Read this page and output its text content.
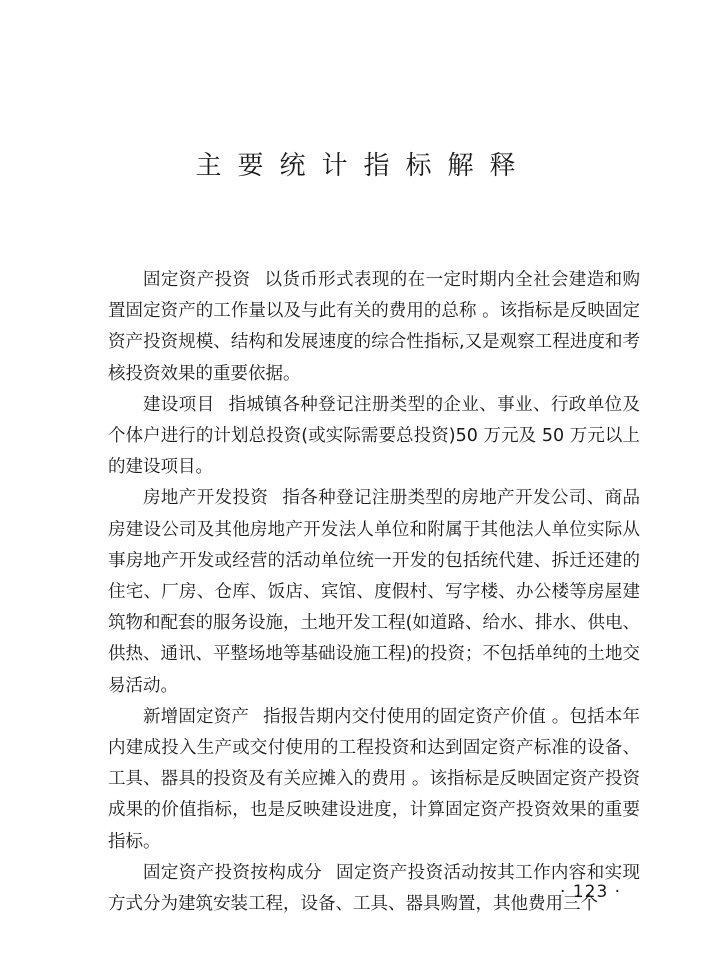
主要统计指标解释

固定资产投资 以货币形式表现的在一定时期内全社会建造和购置固定资产的工作量以及与此有关的费用的总称 。该指标是反映固定资产投资规模、结构和发展速度的综合性指标,又是观察工程进度和考核投资效果的重要依据。

建设项目 指城镇各种登记注册类型的企业、事业、行政单位及个体户进行的计划总投资(或实际需要总投资)50 万元及 50 万元以上的建设项目。

房地产开发投资 指各种登记注册类型的房地产开发公司、商品房建设公司及其他房地产开发法人单位和附属于其他法人单位实际从事房地产开发或经营的活动单位统一开发的包括统代建、拆迁还建的住宅、厂房、仓库、饭店、宾馆、度假村、写字楼、办公楼等房屋建筑物和配套的服务设施，土地开发工程(如道路、给水、排水、供电、供热、通讯、平整场地等基础设施工程)的投资；不包括单纯的土地交易活动。

新增固定资产 指报告期内交付使用的固定资产价值 。包括本年内建成投入生产或交付使用的工程投资和达到固定资产标准的设备、工具、器具的投资及有关应摊入的费用 。该指标是反映固定资产投资成果的价值指标，也是反映建设进度，计算固定资产投资效果的重要指标。

固定资产投资按构成分 固定资产投资活动按其工作内容和实现方式分为建筑安装工程，设备、工具、器具购置，其他费用三个

· 123 ·
